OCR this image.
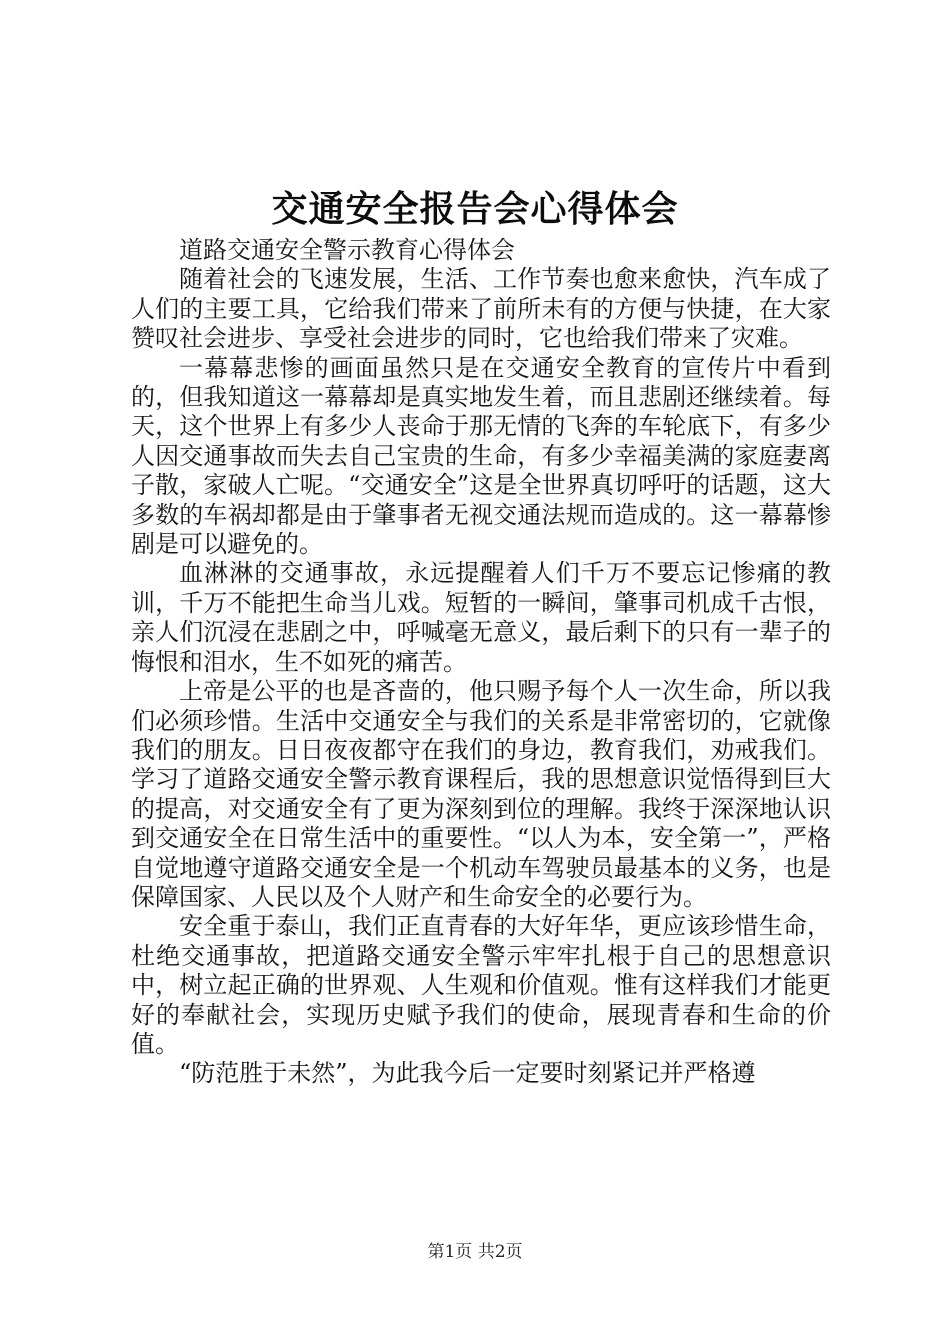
交通安全报告会心得体会

道路交通安全警示教育心得体会

随着社会的飞速发展，生活、工作节奏也愈来愈快，汽车成了人们的主要工具，它给我们带来了前所未有的方便与快捷，在大家赞叹社会进步、享受社会进步的同时，它也给我们带来了灾难。

一幕幕悲惨的画面虽然只是在交通安全教育的宣传片中看到的，但我知道这一幕幕却是真实地发生着，而且悲剧还继续着。每天，这个世界上有多少人丧命于那无情的飞奔的车轮底下，有多少人因交通事故而失去自己宝贵的生命，有多少幸福美满的家庭妻离子散，家破人亡呢。“交通安全”这是全世界真切呼吁的话题，这大多数的车祸却都是由于肇事者无视交通法规而造成的。这一幕幕惨剧是可以避免的。

血淋淋的交通事故，永远提醒着人们千万不要忘记惨痛的教训，千万不能把生命当儿戏。短暂的一瞬间，肇事司机成千古恨，亲人们沉浸在悲剧之中，呼喊毫无意义，最后剩下的只有一辈子的悔恨和泪水，生不如死的痛苦。

上帝是公平的也是吝啬的，他只赐予每个人一次生命，所以我们必须珍惜。生活中交通安全与我们的关系是非常密切的，它就像我们的朋友。日日夜夜都守在我们的身边，教育我们，劝戒我们。学习了道路交通安全警示教育课程后，我的思想意识觉悟得到巨大的提高，对交通安全有了更为深刻到位的理解。我终于深深地认识到交通安全在日常生活中的重要性。“以人为本，安全第一”，严格自觉地遵守道路交通安全是一个机动车驾驶员最基本的义务，也是保障国家、人民以及个人财产和生命安全的必要行为。

安全重于泰山，我们正直青春的大好年华，更应该珍惜生命，杜绝交通事故，把道路交通安全警示牢牢扎根于自己的思想意识中，树立起正确的世界观、人生观和价值观。惟有这样我们才能更好的奉献社会，实现历史赋予我们的使命，展现青春和生命的价值。

“防范胜于未然”，为此我今后一定要时刻紧记并严格遵

第1页 共2页
